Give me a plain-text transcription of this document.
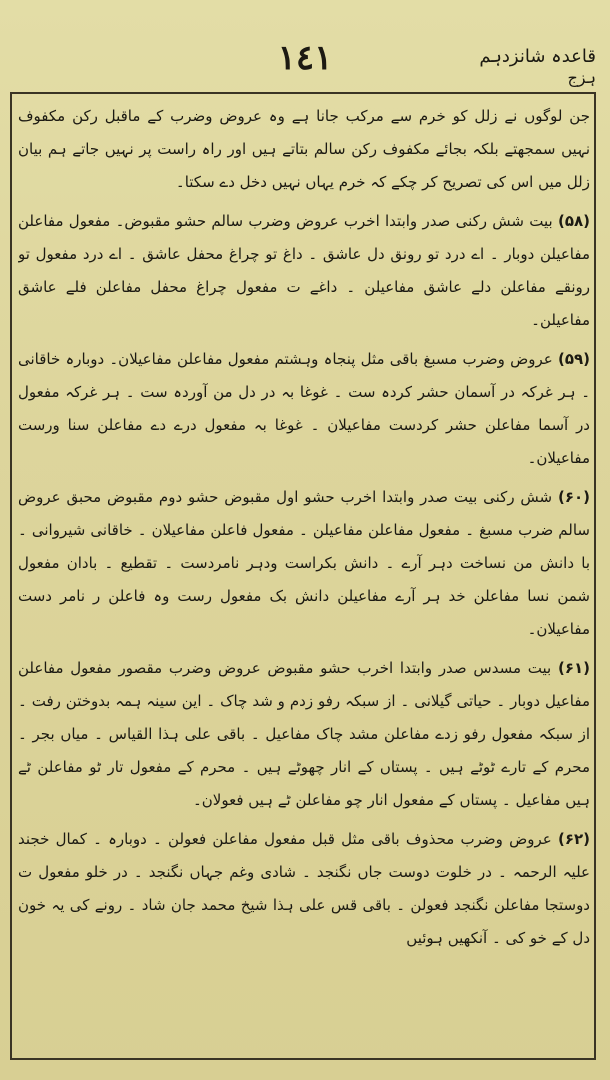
١٤١	قاعدہ شانزدہم
ہزج

جن لوگوں نے زلل کو خرم سے مرکب جانا ہے وہ عروض وضرب کے ماقبل رکن مکفوف نہیں سمجھتے بلکہ بجائے مکفوف رکن سالم بتاتے ہیں اور راہ راست پر نہیں جاتے ہم بیان زلل میں اس کی تصریح کر چکے کہ خرم یہاں نہیں دخل دے سکتا۔

(۵۸) بیت شش رکنی صدر وابتدا اخرب عروض وضرب سالم حشو مقبوض۔ مفعول مفاعلن مفاعیلن دوبار ۔ اے درد تو رونق دل عاشق ۔ داغ تو چراغ محفل عاشق ۔ اے درد مفعول تو رونقے مفاعلن دلے عاشق مفاعیلن ۔ داغے ت مفعول چراغ محفل مفاعلن فلے عاشق مفاعیلن۔

(۵۹) عروض وضرب مسبغ باقی مثل پنجاہ وہشتم مفعول مفاعلن مفاعیلان۔ دوبارہ خاقانی ۔ ہر غرکہ در آسمان حشر کردہ ست ۔ غوغا بہ در دل من آوردہ ست ۔ ہر غرکہ مفعول در آسما مفاعلن حشر کردست مفاعیلان ۔ غوغا بہ مفعول درے دے مفاعلن سنا ورست مفاعیلان۔

(۶۰) شش رکنی بیت صدر وابتدا اخرب حشو اول مقبوض حشو دوم مقبوض محبق عروض سالم ضرب مسبغ ۔ مفعول مفاعلن مفاعیلن ۔ مفعول فاعلن مفاعیلان ۔ خاقانی شیروانی ۔ با دانش من نساخت دہر آرے ۔ دانش بکراست ودہر نامردست ۔ تقطیع ۔ بادان مفعول شمن نسا مفاعلن خد ہر آرے مفاعیلن دانش بک مفعول رست وہ فاعلن ر نامر دست مفاعیلان۔

(۶۱) بیت مسدس صدر وابتدا اخرب حشو مقبوض عروض وضرب مقصور مفعول مفاعلن مفاعیل دوبار ۔ حیاتی گیلانی ۔ از سبکہ رفو زدم و شد چاک ۔ این سینہ ہمہ بدوختن رفت ۔ از سبکہ مفعول رفو زدے مفاعلن مشد چاک مفاعیل ۔ باقی علی ہذا القیاس ۔ میاں بجر ۔ محرم کے تارے ٹوٹے ہیں ۔ پستاں کے انار چھوٹے ہیں ۔ محرم کے مفعول تار ٹو مفاعلن ٹے ہیں مفاعیل ۔ پستاں کے مفعول انار چو مفاعلن ٹے ہیں فعولان۔

(۶۲) عروض وضرب محذوف باقی مثل قبل مفعول مفاعلن فعولن ۔ دوبارہ ۔ کمال خجند علیہ الرحمہ ۔ در خلوت دوست جاں نگنجد ۔ شادی وغم جہاں نگنجد ۔ در خلو مفعول ت دوستجا مفاعلن نگنجد فعولن ۔ باقی قس علی ہذا شیخ محمد جان شاد ۔ رونے کی یہ خون دل کے خو کی ۔ آنکھیں ہوئیں
